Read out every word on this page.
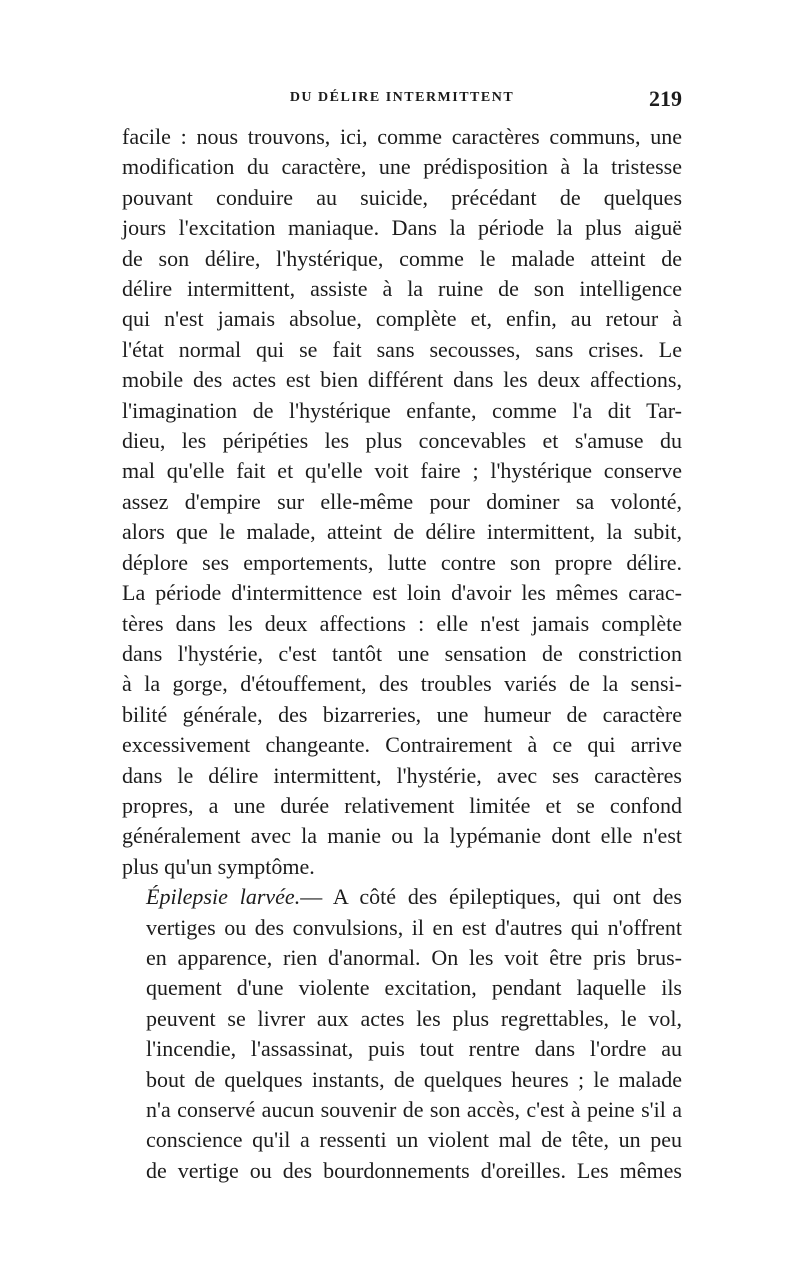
DU DÉLIRE INTERMITTENT	219

facile : nous trouvons, ici, comme caractères communs, une
modification du caractère, une prédisposition à la tristesse
pouvant conduire au suicide, précédant de quelques
jours l'excitation maniaque. Dans la période la plus aiguë
de son délire, l'hystérique, comme le malade atteint de
délire intermittent, assiste à la ruine de son intelligence
qui n'est jamais absolue, complète et, enfin, au retour à
l'état normal qui se fait sans secousses, sans crises. Le
mobile des actes est bien différent dans les deux affections,
l'imagination de l'hystérique enfante, comme l'a dit Tar-
dieu, les péripéties les plus concevables et s'amuse du
mal qu'elle fait et qu'elle voit faire ; l'hystérique conserve
assez d'empire sur elle-même pour dominer sa volonté,
alors que le malade, atteint de délire intermittent, la subit,
déplore ses emportements, lutte contre son propre délire.
La période d'intermittence est loin d'avoir les mêmes carac-
tères dans les deux affections : elle n'est jamais complète
dans l'hystérie, c'est tantôt une sensation de constriction
à la gorge, d'étouffement, des troubles variés de la sensi-
bilité générale, des bizarreries, une humeur de caractère
excessivement changeante. Contrairement à ce qui arrive
dans le délire intermittent, l'hystérie, avec ses caractères
propres, a une durée relativement limitée et se confond
généralement avec la manie ou la lypémanie dont elle n'est
plus qu'un symptôme.

Épilepsie larvée.— A côté des épileptiques, qui ont des
vertiges ou des convulsions, il en est d'autres qui n'offrent
en apparence, rien d'anormal. On les voit être pris brus-
quement d'une violente excitation, pendant laquelle ils
peuvent se livrer aux actes les plus regrettables, le vol,
l'incendie, l'assassinat, puis tout rentre dans l'ordre au
bout de quelques instants, de quelques heures ; le malade
n'a conservé aucun souvenir de son accès, c'est à peine s'il a
conscience qu'il a ressenti un violent mal de tête, un peu
de vertige ou des bourdonnements d'oreilles. Les mêmes
